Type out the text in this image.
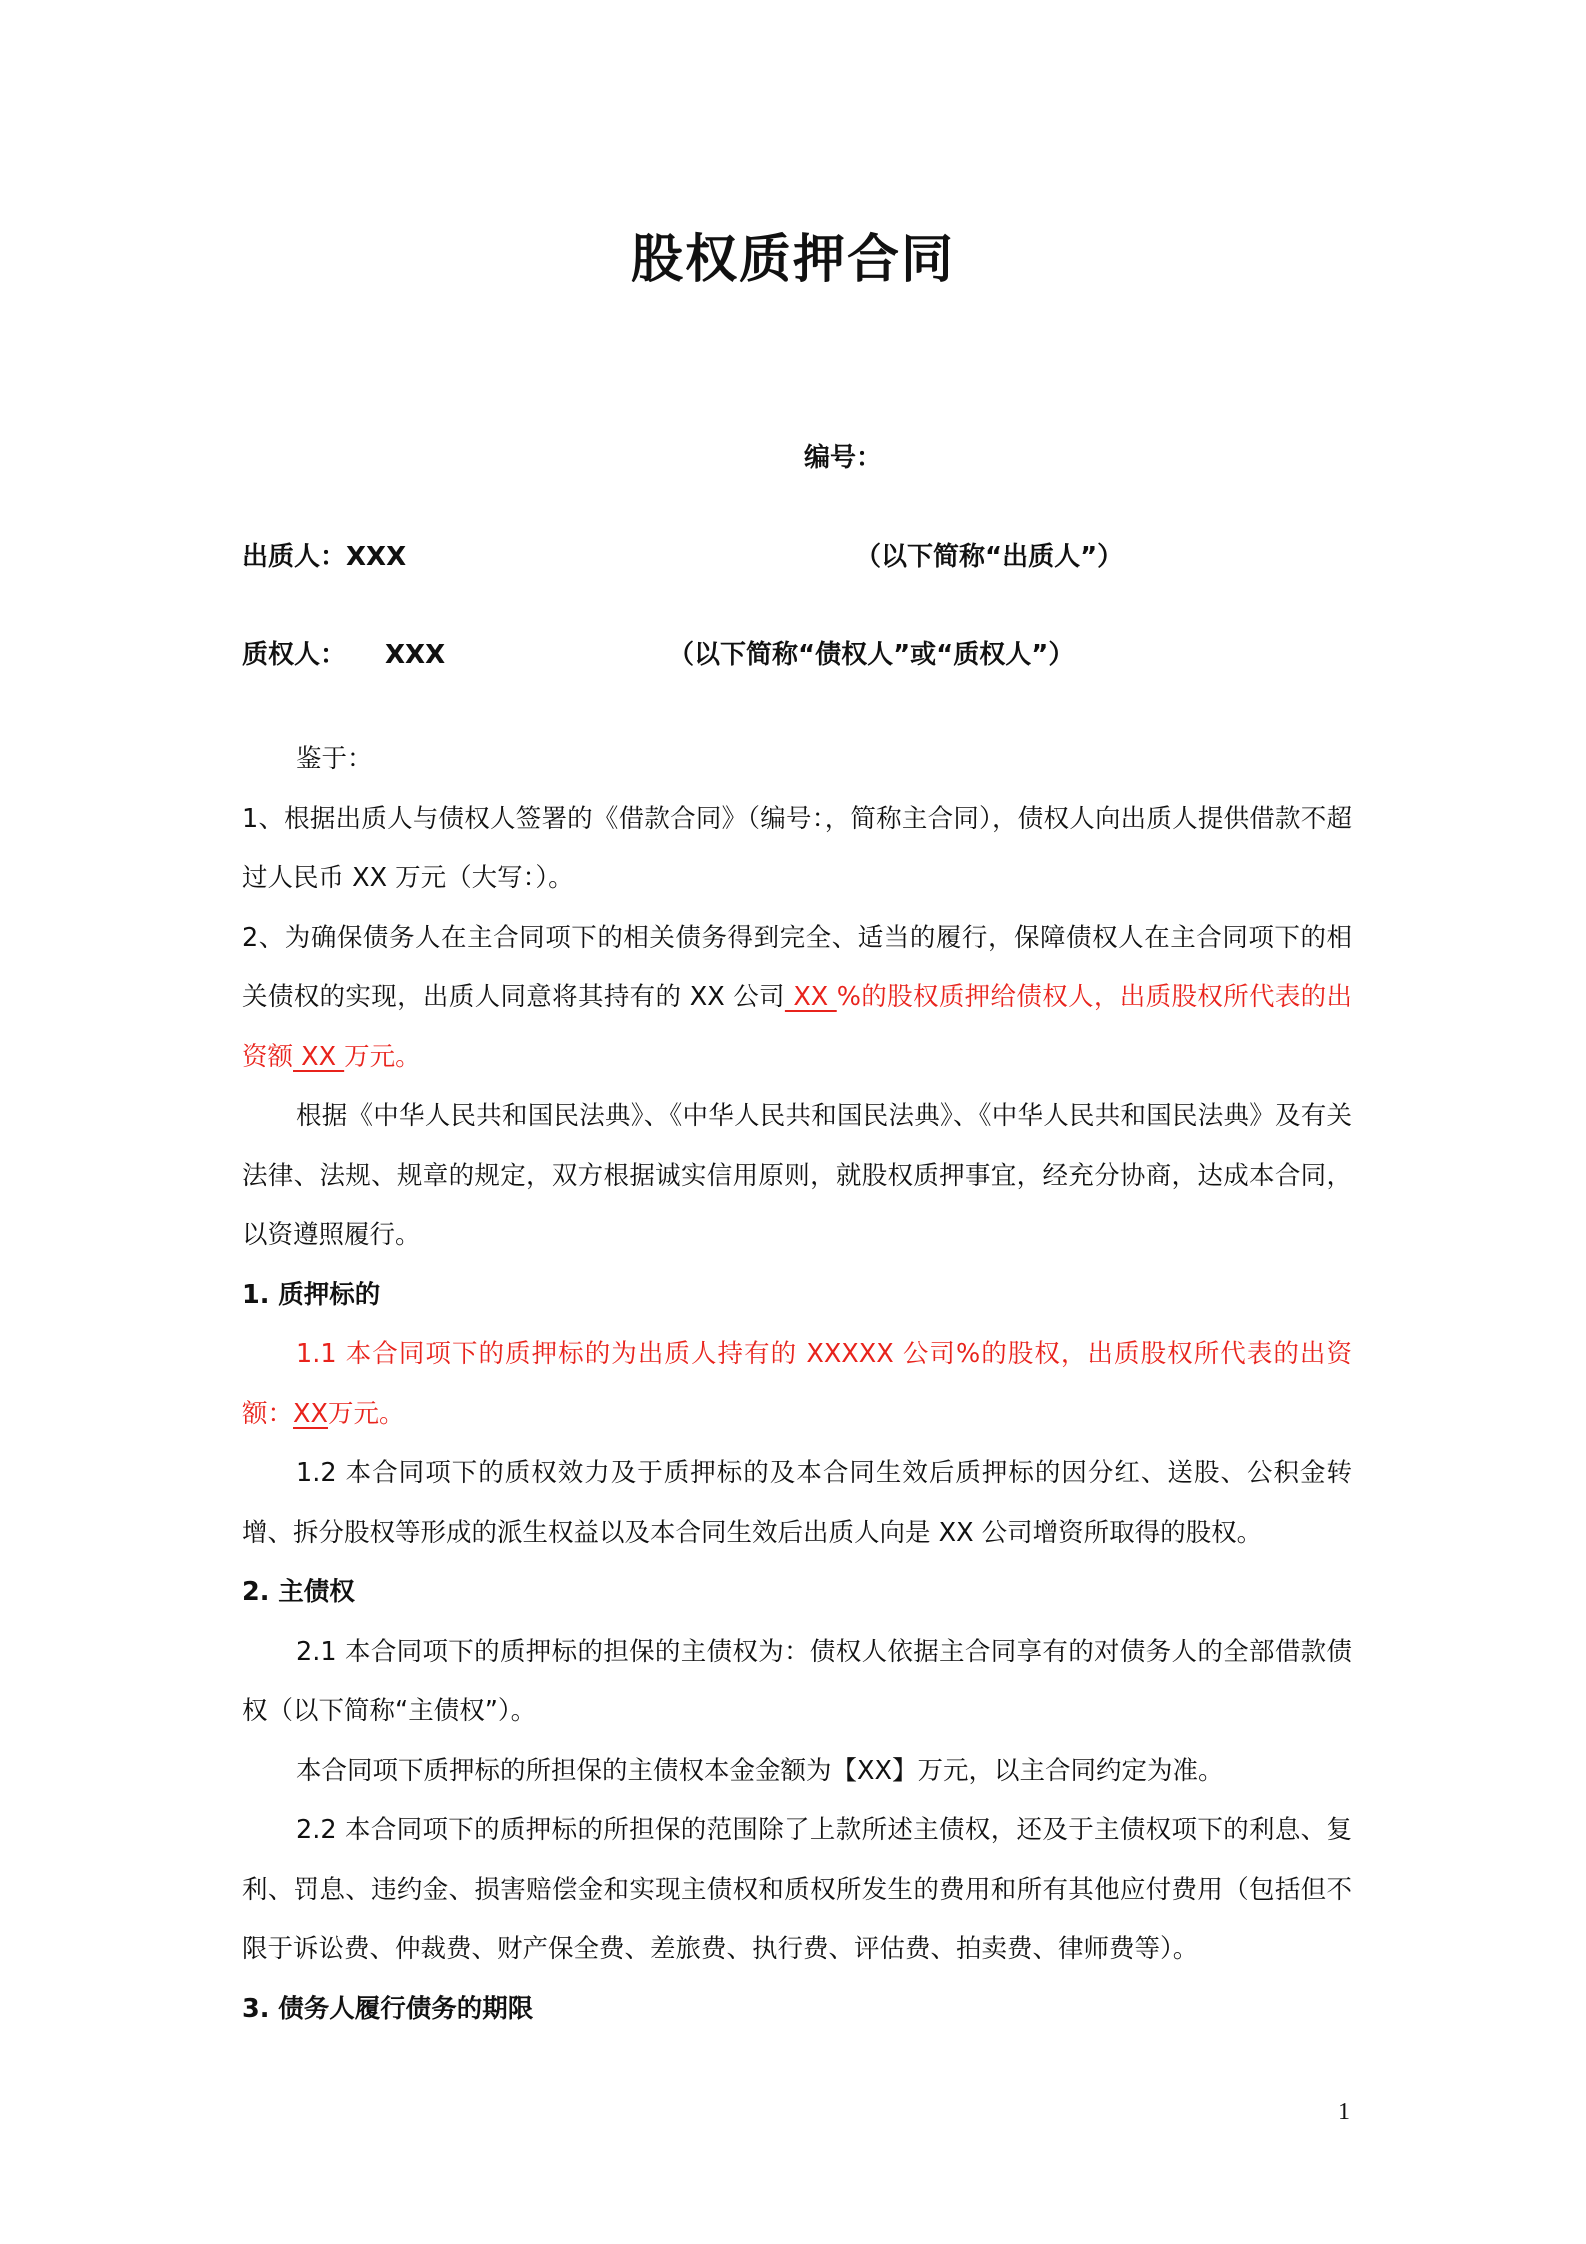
股权质押合同
编号：
出质人： XXX	（以下简称“出质人”）
质权人： XXX	（以下简称“债权人”或“质权人”）

鉴于：

1、根据出质人与债权人签署的《借款合同》（编号：，简称主合同），债权人向出质人提供借款不超过人民币 XX 万元（大写：）。

2、为确保债务人在主合同项下的相关债务得到完全、适当的履行，保障债权人在主合同项下的相关债权的实现，出质人同意将其持有的 XX 公司 XX %的股权质押给债权人，出质股权所代表的出资额 XX 万元。

根据《中华人民共和国民法典》、《中华人民共和国民法典》、《中华人民共和国民法典》及有关法律、法规、规章的规定，双方根据诚实信用原则，就股权质押事宜，经充分协商，达成本合同，以资遵照履行。

1. 质押标的

1.1 本合同项下的质押标的为出质人持有的 XXXXX 公司%的股权，出质股权所代表的出资额：XX万元。

1.2 本合同项下的质权效力及于质押标的及本合同生效后质押标的因分红、送股、公积金转增、拆分股权等形成的派生权益以及本合同生效后出质人向是 XX 公司增资所取得的股权。

2. 主债权

2.1 本合同项下的质押标的担保的主债权为：债权人依据主合同享有的对债务人的全部借款债权（以下简称“主债权”）。

本合同项下质押标的所担保的主债权本金金额为【XX】万元，以主合同约定为准。

2.2 本合同项下的质押标的所担保的范围除了上款所述主债权，还及于主债权项下的利息、复利、罚息、违约金、损害赔偿金和实现主债权和质权所发生的费用和所有其他应付费用（包括但不限于诉讼费、仲裁费、财产保全费、差旅费、执行费、评估费、拍卖费、律师费等）。

3. 债务人履行债务的期限

1
